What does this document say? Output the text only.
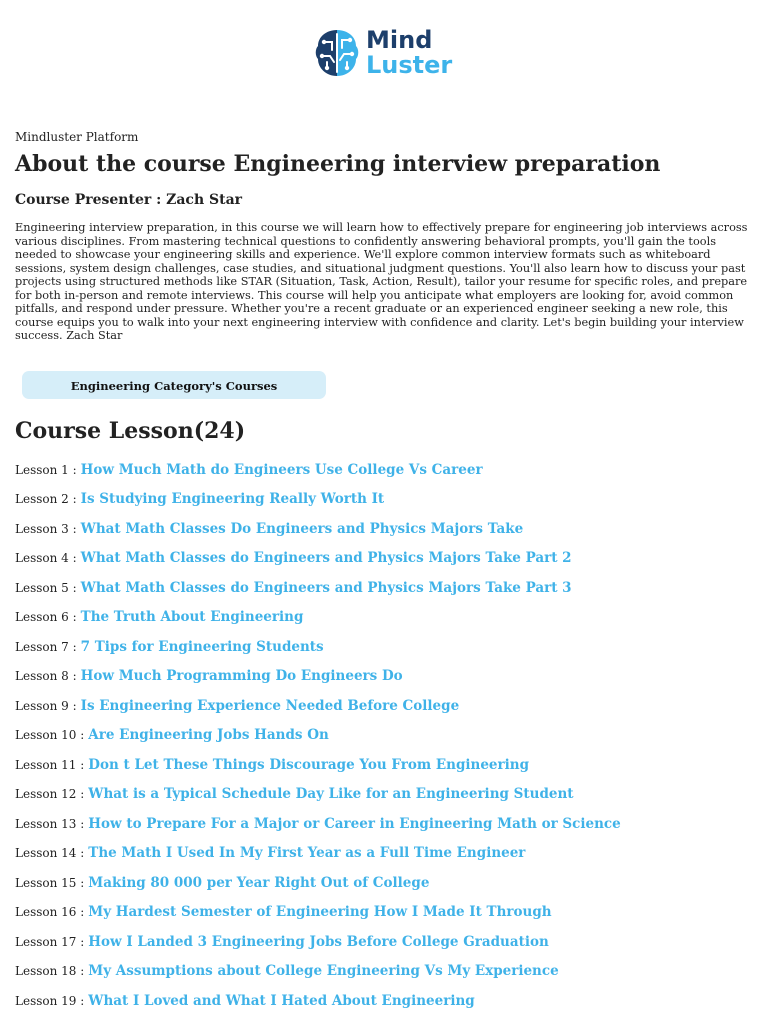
Mind
Luster
Mindluster Platform
About the course Engineering interview preparation
Course Presenter : Zach Star

Engineering interview preparation, in this course we will learn how to effectively prepare for engineering job interviews across various disciplines. From mastering technical questions to confidently answering behavioral prompts, you'll gain the tools needed to showcase your engineering skills and experience. We'll explore common interview formats such as whiteboard sessions, system design challenges, case studies, and situational judgment questions. You'll also learn how to discuss your past projects using structured methods like STAR (Situation, Task, Action, Result), tailor your resume for specific roles, and prepare for both in-person and remote interviews. This course will help you anticipate what employers are looking for, avoid common pitfalls, and respond under pressure. Whether you're a recent graduate or an experienced engineer seeking a new role, this course equips you to walk into your next engineering interview with confidence and clarity. Let's begin building your interview success. Zach Star

Engineering Category's Courses
Course Lesson(24)
Lesson 1 : How Much Math do Engineers Use College Vs Career
Lesson 2 : Is Studying Engineering Really Worth It
Lesson 3 : What Math Classes Do Engineers and Physics Majors Take
Lesson 4 : What Math Classes do Engineers and Physics Majors Take Part 2
Lesson 5 : What Math Classes do Engineers and Physics Majors Take Part 3
Lesson 6 : The Truth About Engineering
Lesson 7 : 7 Tips for Engineering Students
Lesson 8 : How Much Programming Do Engineers Do
Lesson 9 : Is Engineering Experience Needed Before College
Lesson 10 : Are Engineering Jobs Hands On
Lesson 11 : Don t Let These Things Discourage You From Engineering
Lesson 12 : What is a Typical Schedule Day Like for an Engineering Student
Lesson 13 : How to Prepare For a Major or Career in Engineering Math or Science
Lesson 14 : The Math I Used In My First Year as a Full Time Engineer
Lesson 15 : Making 80 000 per Year Right Out of College
Lesson 16 : My Hardest Semester of Engineering How I Made It Through
Lesson 17 : How I Landed 3 Engineering Jobs Before College Graduation
Lesson 18 : My Assumptions about College Engineering Vs My Experience
Lesson 19 : What I Loved and What I Hated About Engineering
